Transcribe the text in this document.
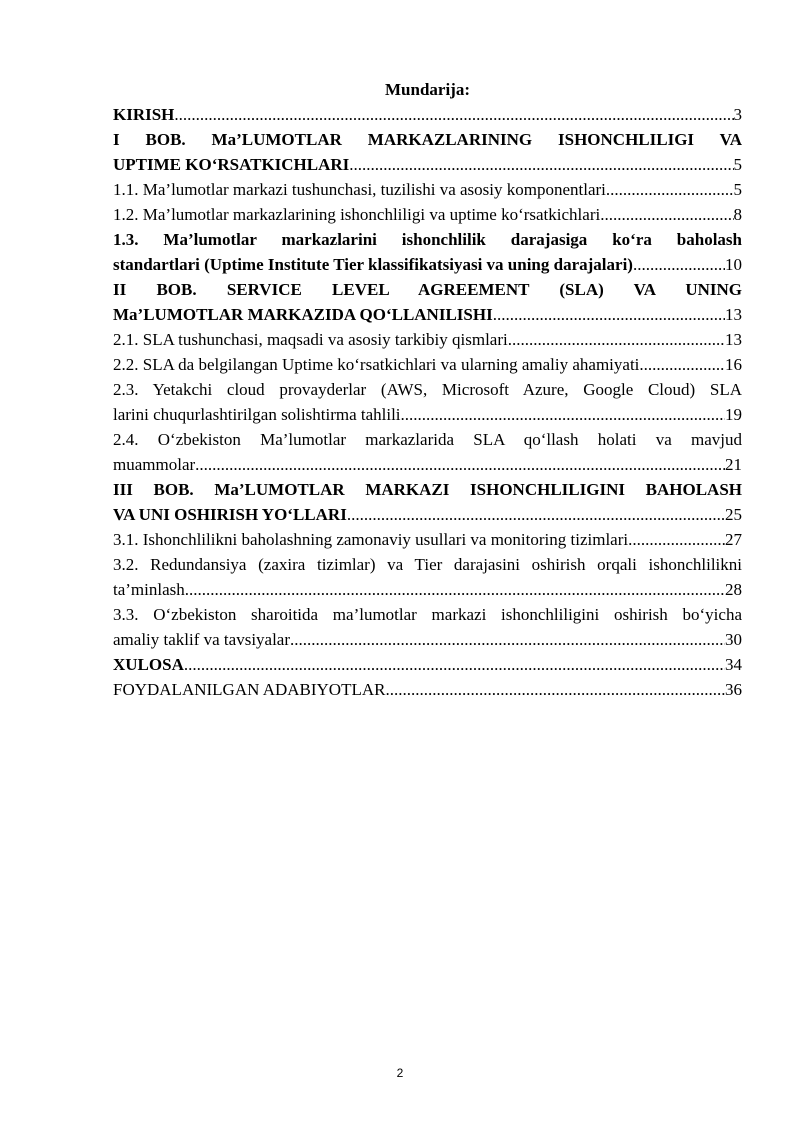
Mundarija:

KIRISH .....	3
I BOB. Ma’LUMOTLAR MARKAZLARINING ISHONCHLILIGI VA
UPTIME KO‘RSATKICHLARI .....	5
1.1. Ma’lumotlar markazi tushunchasi, tuzilishi va asosiy komponentlari .....	5
1.2. Ma’lumotlar markazlarining ishonchliligi va uptime ko‘rsatkichlari .....	8
1.3. Ma’lumotlar markazlarini ishonchlilik darajasiga ko‘ra baholash
standartlari (Uptime Institute Tier klassifikatsiyasi va uning darajalari) .....	10
II BOB. SERVICE LEVEL AGREEMENT (SLA) VA UNING
Ma’LUMOTLAR MARKAZIDA QO‘LLANILISHI .....	13
2.1. SLA tushunchasi, maqsadi va asosiy tarkibiy qismlari .....	13
2.2. SLA da belgilangan Uptime ko‘rsatkichlari va ularning amaliy ahamiyati .....	16
2.3. Yetakchi cloud provayderlar (AWS, Microsoft Azure, Google Cloud) SLA
larini chuqurlashtirilgan solishtirma tahlili .....	19
2.4. O‘zbekiston Ma’lumotlar markazlarida SLA qo‘llash holati va mavjud
muammolar .....	21
III BOB. Ma’LUMOTLAR MARKAZI ISHONCHLILIGINI BAHOLASH
VA UNI OSHIRISH YO‘LLARI .....	25
3.1. Ishonchlilikni baholashning zamonaviy usullari va monitoring tizimlari .....	27
3.2. Redundansiya (zaxira tizimlar) va Tier darajasini oshirish orqali ishonchlilikni
ta’minlash .....	28
3.3. O‘zbekiston sharoitida ma’lumotlar markazi ishonchliligini oshirish bo‘yicha
amaliy taklif va tavsiyalar .....	30
XULOSA .....	34
FOYDALANILGAN ADABIYOTLAR .....	36
2
